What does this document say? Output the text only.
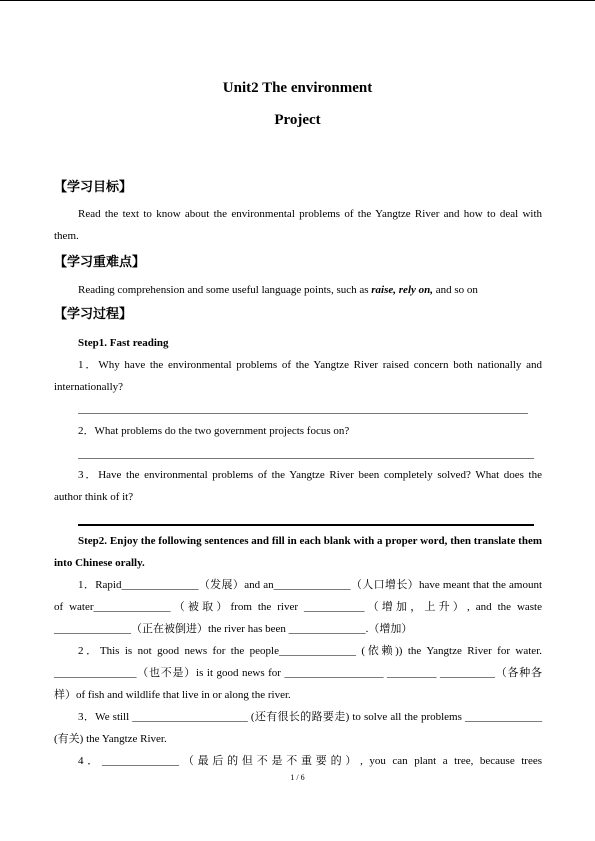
Unit2 The environment
Project
【学习目标】
Read the text to know about the environmental problems of the Yangtze River and how to deal with them.
【学习重难点】
Reading comprehension and some useful language points, such as raise, rely on, and so on
【学习过程】
Step1. Fast reading
1．Why have the environmental problems of the Yangtze River raised concern both nationally and internationally?
2．What problems do the two government projects focus on?
3．Have the environmental problems of the Yangtze River been completely solved? What does the author think of it?
Step2. Enjoy the following sentences and fill in each blank with a proper word, then translate them into Chinese orally.
1．Rapid______________（发展）and an______________（人口增长）have meant that the amount of water______________（被取）from the river ___________（增加，上升）, and the waste ______________（正在被倒进）the river has been ______________.（增加）
2．This is not good news for the people______________ (依赖)) the Yangtze River for water. _______________（也不是）is it good news for __________________ _________ __________（各种各样）of fish and wildlife that live in or along the river.
3．We still _____________________ (还有很长的路要走) to solve all the problems ______________ (有关) the Yangtze River.
4．______________（最后的但不是不重要的）, you can plant a tree, because trees
1 / 6
